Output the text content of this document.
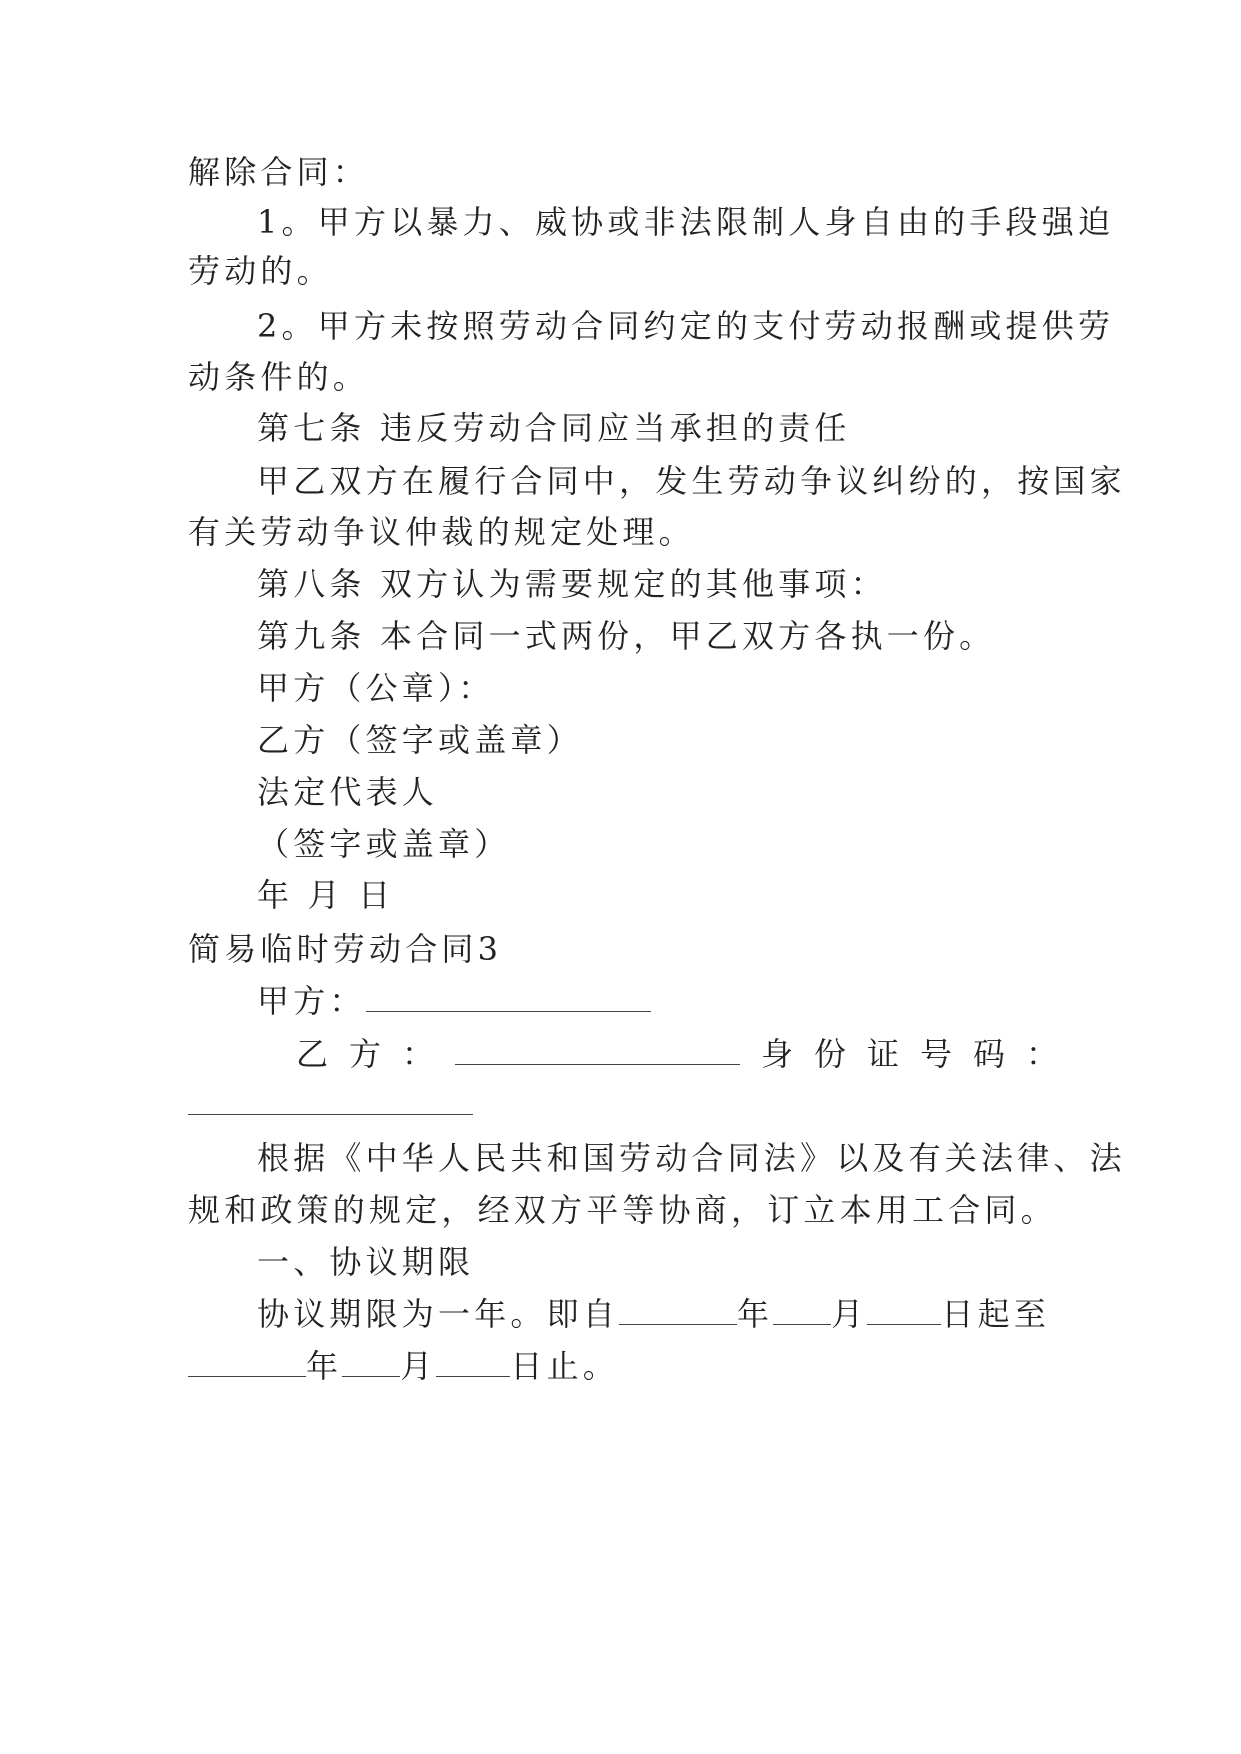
解除合同：
1。甲方以暴力、威协或非法限制人身自由的手段强迫
劳动的。
2。甲方未按照劳动合同约定的支付劳动报酬或提供劳
动条件的。
第七条 违反劳动合同应当承担的责任
甲乙双方在履行合同中，发生劳动争议纠纷的，按国家
有关劳动争议仲裁的规定处理。
第八条 双方认为需要规定的其他事项：
第九条 本合同一式两份，甲乙双方各执一份。
甲方（公章）：
乙方（签字或盖章）
法定代表人
（签字或盖章）
年 月 日
简易临时劳动合同3
甲方：
乙 方 ：	身 份 证 号 码 ：
根据《中华人民共和国劳动合同法》以及有关法律、法
规和政策的规定，经双方平等协商，订立本用工合同。
一、协议期限
协议期限为一年。即自	年 月 日起至
年 月 日止。
